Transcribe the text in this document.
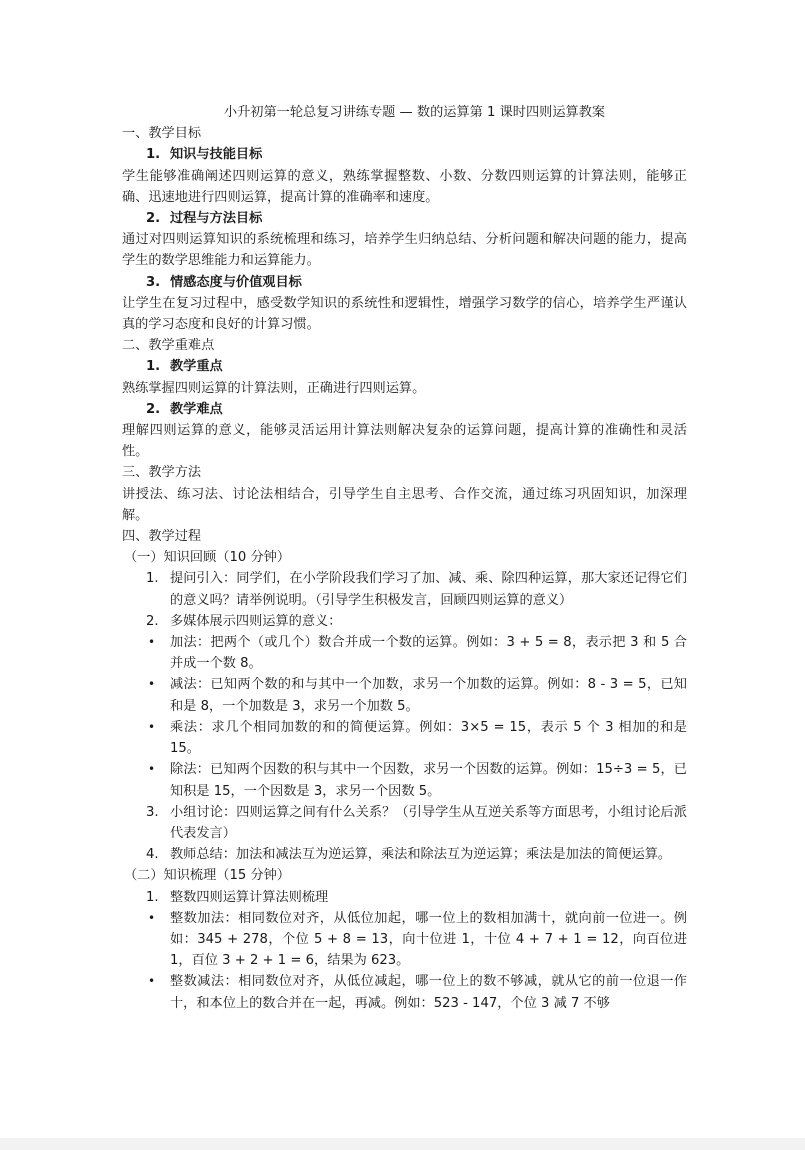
小升初第一轮总复习讲练专题 — 数的运算第 1 课时四则运算教案

一、教学目标

1. 知识与技能目标

学生能够准确阐述四则运算的意义，熟练掌握整数、小数、分数四则运算的计算法则，能够正确、迅速地进行四则运算，提高计算的准确率和速度。

2. 过程与方法目标

通过对四则运算知识的系统梳理和练习，培养学生归纳总结、分析问题和解决问题的能力，提高学生的数学思维能力和运算能力。

3. 情感态度与价值观目标

让学生在复习过程中，感受数学知识的系统性和逻辑性，增强学习数学的信心，培养学生严谨认真的学习态度和良好的计算习惯。

二、教学重难点

1. 教学重点

熟练掌握四则运算的计算法则，正确进行四则运算。

2. 教学难点

理解四则运算的意义，能够灵活运用计算法则解决复杂的运算问题，提高计算的准确性和灵活性。

三、教学方法

讲授法、练习法、讨论法相结合，引导学生自主思考、合作交流，通过练习巩固知识，加深理解。

四、教学过程

（一）知识回顾（10 分钟）

1. 提问引入：同学们，在小学阶段我们学习了加、减、乘、除四种运算，那大家还记得它们的意义吗？请举例说明。（引导学生积极发言，回顾四则运算的意义）

2. 多媒体展示四则运算的意义：

• 加法：把两个（或几个）数合并成一个数的运算。例如：3 + 5 = 8，表示把 3 和 5 合并成一个数 8。

• 减法：已知两个数的和与其中一个加数，求另一个加数的运算。例如：8 - 3 = 5，已知和是 8，一个加数是 3，求另一个加数 5。

• 乘法：求几个相同加数的和的简便运算。例如：3×5 = 15，表示 5 个 3 相加的和是 15。

• 除法：已知两个因数的积与其中一个因数，求另一个因数的运算。例如：15÷3 = 5，已知积是 15，一个因数是 3，求另一个因数 5。

3. 小组讨论：四则运算之间有什么关系？（引导学生从互逆关系等方面思考，小组讨论后派代表发言）

4. 教师总结：加法和减法互为逆运算，乘法和除法互为逆运算；乘法是加法的简便运算。

（二）知识梳理（15 分钟）

1. 整数四则运算计算法则梳理

• 整数加法：相同数位对齐，从低位加起，哪一位上的数相加满十，就向前一位进一。例如：345 + 278，个位 5 + 8 = 13，向十位进 1，十位 4 + 7 + 1 = 12，向百位进 1，百位 3 + 2 + 1 = 6，结果为 623。

• 整数减法：相同数位对齐，从低位减起，哪一位上的数不够减，就从它的前一位退一作十，和本位上的数合并在一起，再减。例如：523 - 147，个位 3 减 7 不够
